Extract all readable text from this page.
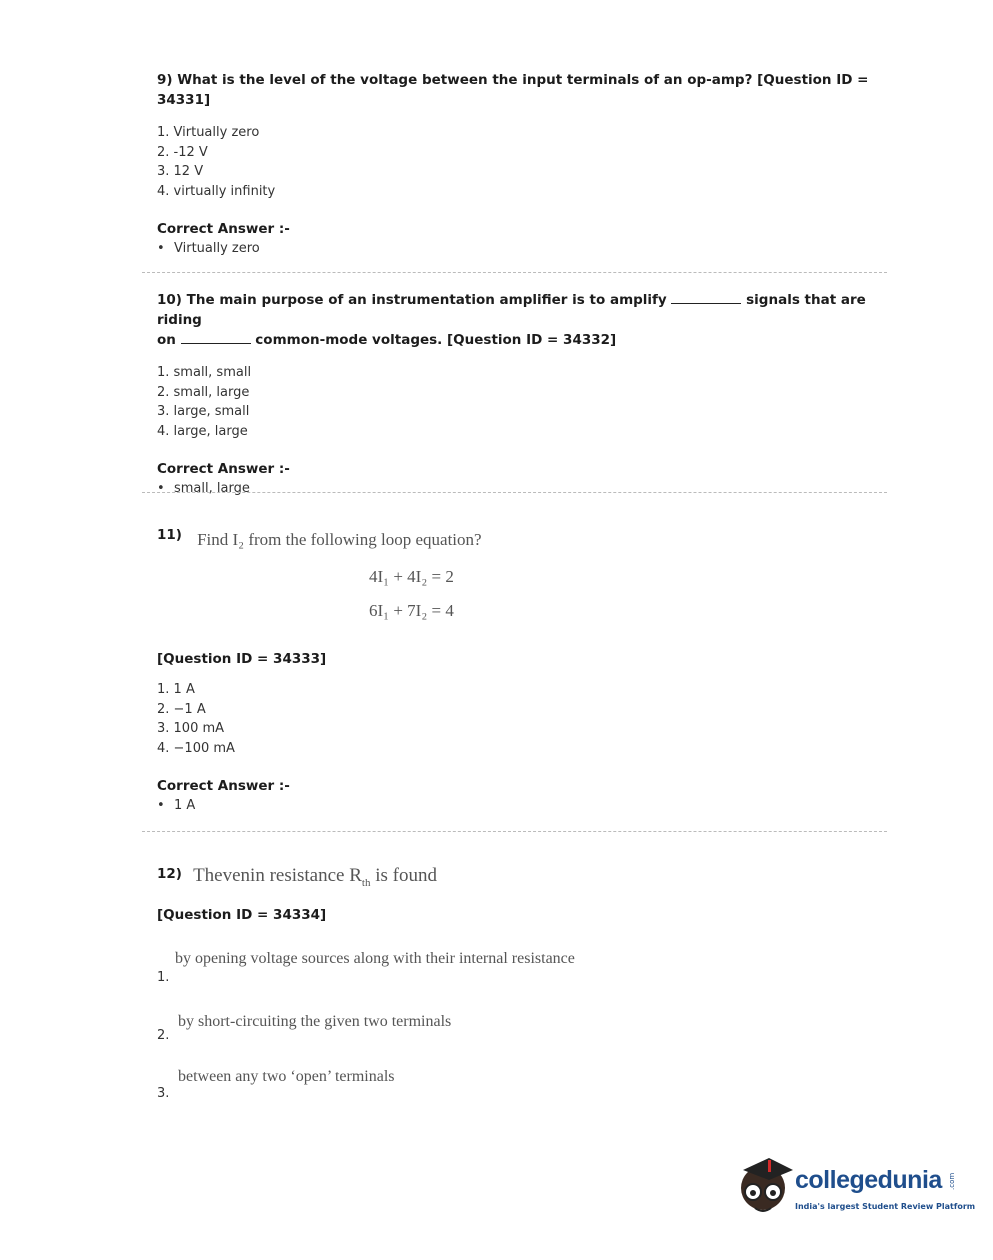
9) What is the level of the voltage between the input terminals of an op-amp? [Question ID =
34331]
1. Virtually zero
2. -12 V
3. 12 V
4. virtually infinity
Correct Answer :-
• Virtually zero
10) The main purpose of an instrumentation amplifier is to amplify	signals that are riding
on	common-mode voltages. [Question ID = 34332]
1. small, small
2. small, large
3. large, small
4. large, large
Correct Answer :-
• small, large
11) Find I₂ from the following loop equation?
4I₁ + 4I₂ = 2
6I₁ + 7I₂ = 4
[Question ID = 34333]
1. 1 A
2. −1 A
3. 100 mA
4. −100 mA
Correct Answer :-
• 1 A
12) Thevenin resistance $R_{th}$ is found
[Question ID = 34334]
by opening voltage sources along with their internal resistance
1.
by short-circuiting the given two terminals
2.
between any two ‘open’ terminals
3.
collegedunia .com
India's largest Student Review Platform
